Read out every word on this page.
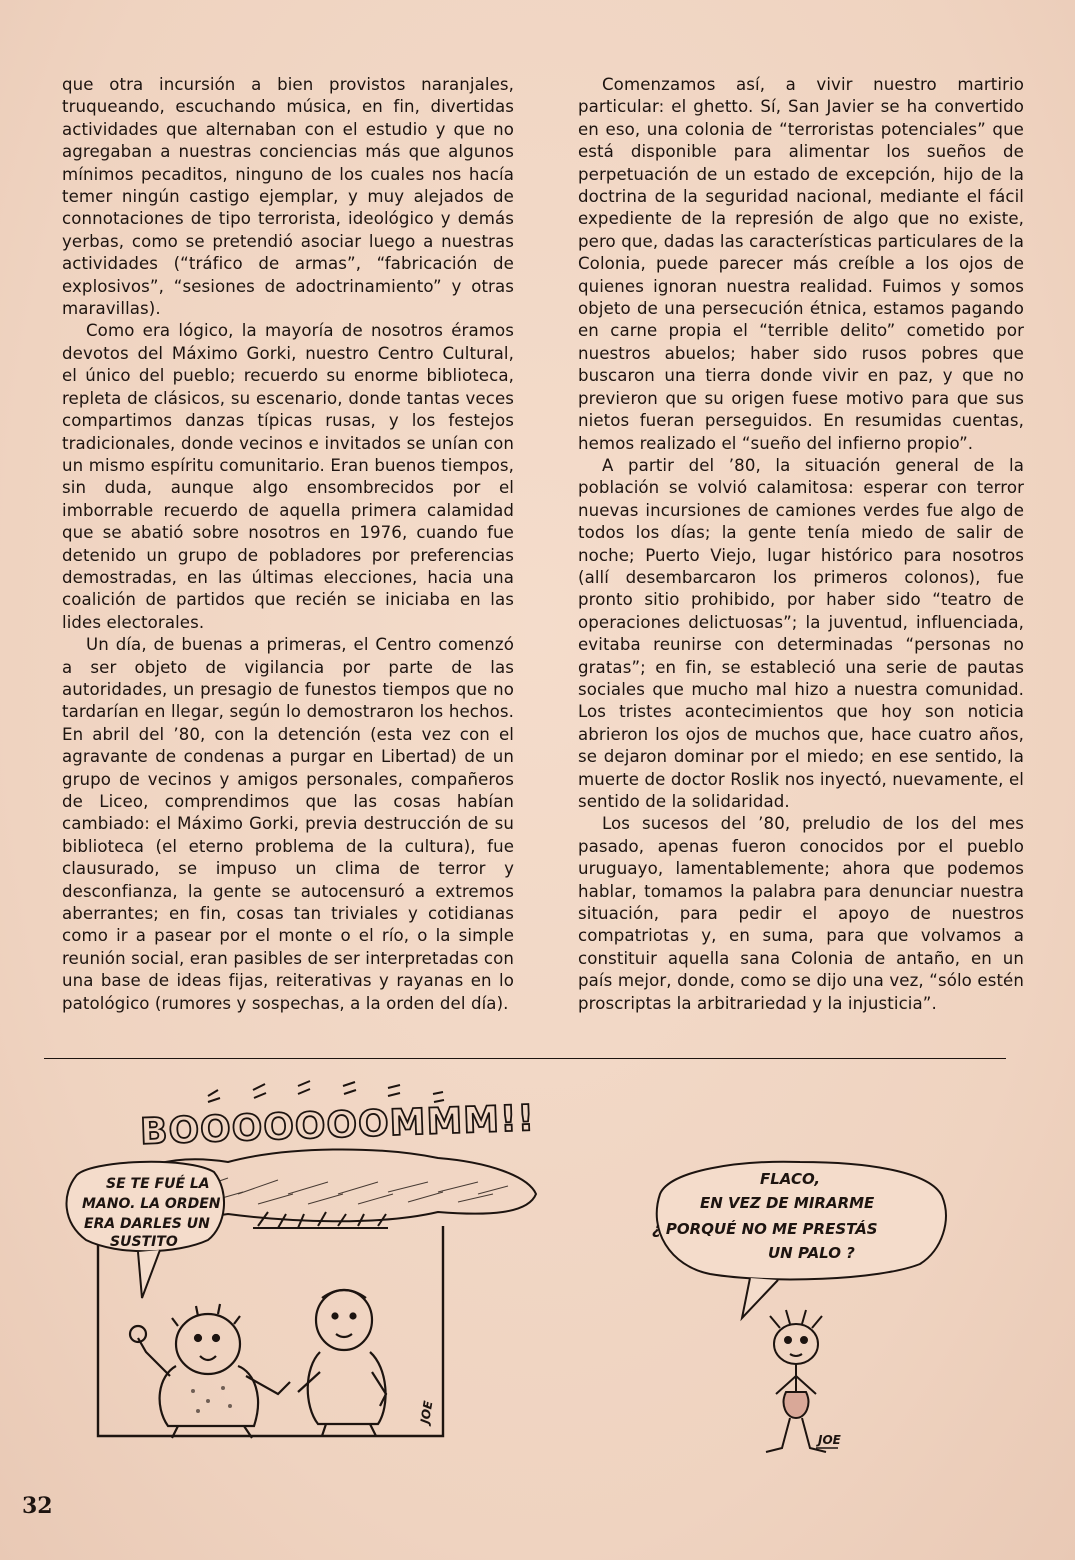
que otra incursión a bien provistos naranjales, truqueando, escuchando música, en fin, divertidas actividades que alternaban con el estudio y que no agregaban a nuestras conciencias más que algunos mínimos pecaditos, ninguno de los cuales nos hacía temer ningún castigo ejemplar, y muy alejados de connotaciones de tipo terrorista, ideológico y demás yerbas, como se pretendió asociar luego a nuestras actividades (“tráfico de armas”, “fabricación de explosivos”, “sesiones de adoctrinamiento” y otras maravillas).

Como era lógico, la mayoría de nosotros éramos devotos del Máximo Gorki, nuestro Centro Cultural, el único del pueblo; recuerdo su enorme biblioteca, repleta de clásicos, su escenario, donde tantas veces compartimos danzas típicas rusas, y los festejos tradicionales, donde vecinos e invitados se unían con un mismo espíritu comunitario. Eran buenos tiempos, sin duda, aunque algo ensombrecidos por el imborrable recuerdo de aquella primera calamidad que se abatió sobre nosotros en 1976, cuando fue detenido un grupo de pobladores por preferencias demostradas, en las últimas elecciones, hacia una coalición de partidos que recién se iniciaba en las lides electorales.

Un día, de buenas a primeras, el Centro comenzó a ser objeto de vigilancia por parte de las autoridades, un presagio de funestos tiempos que no tardarían en llegar, según lo demostraron los hechos. En abril del ’80, con la detención (esta vez con el agravante de condenas a purgar en Libertad) de un grupo de vecinos y amigos personales, compañeros de Liceo, comprendimos que las cosas habían cambiado: el Máximo Gorki, previa destrucción de su biblioteca (el eterno problema de la cultura), fue clausurado, se impuso un clima de terror y desconfianza, la gente se autocensuró a extremos aberrantes; en fin, cosas tan triviales y cotidianas como ir a pasear por el monte o el río, o la simple reunión social, eran pasibles de ser interpretadas con una base de ideas fijas, reiterativas y rayanas en lo patológico (rumores y sospechas, a la orden del día).

Comenzamos así, a vivir nuestro martirio particular: el ghetto. Sí, San Javier se ha convertido en eso, una colonia de “terroristas potenciales” que está disponible para alimentar los sueños de perpetuación de un estado de excepción, hijo de la doctrina de la seguridad nacional, mediante el fácil expediente de la represión de algo que no existe, pero que, dadas las características particulares de la Colonia, puede parecer más creíble a los ojos de quienes ignoran nuestra realidad. Fuimos y somos objeto de una persecución étnica, estamos pagando en carne propia el “terrible delito” cometido por nuestros abuelos; haber sido rusos pobres que buscaron una tierra donde vivir en paz, y que no previeron que su origen fuese motivo para que sus nietos fueran perseguidos. En resumidas cuentas, hemos realizado el “sueño del infierno propio”.

A partir del ’80, la situación general de la población se volvió calamitosa: esperar con terror nuevas incursiones de camiones verdes fue algo de todos los días; la gente tenía miedo de salir de noche; Puerto Viejo, lugar histórico para nosotros (allí desembarcaron los primeros colonos), fue pronto sitio prohibido, por haber sido “teatro de operaciones delictuosas”; la juventud, influenciada, evitaba reunirse con determinadas “personas no gratas”; en fin, se estableció una serie de pautas sociales que mucho mal hizo a nuestra comunidad. Los tristes acontecimientos que hoy son noticia abrieron los ojos de muchos que, hace cuatro años, se dejaron dominar por el miedo; en ese sentido, la muerte de doctor Roslik nos inyectó, nuevamente, el sentido de la solidaridad.

Los sucesos del ’80, preludio de los del mes pasado, apenas fueron conocidos por el pueblo uruguayo, lamentablemente; ahora que podemos hablar, tomamos la palabra para denunciar nuestra situación, para pedir el apoyo de nuestros compatriotas y, en suma, para que volvamos a constituir aquella sana Colonia de antaño, en un país mejor, donde, como se dijo una vez, “sólo estén proscriptas la arbitrariedad y la injusticia”.

BOOOOOOOMMM!!
SE TE FUÉ LA
MANO. LA ORDEN
ERA DARLES UN
SUSTITO
JOE
FLACO,
EN VEZ DE MIRARME
¿ PORQUÉ NO ME PRESTÁS
UN PALO ?
JOE
32
